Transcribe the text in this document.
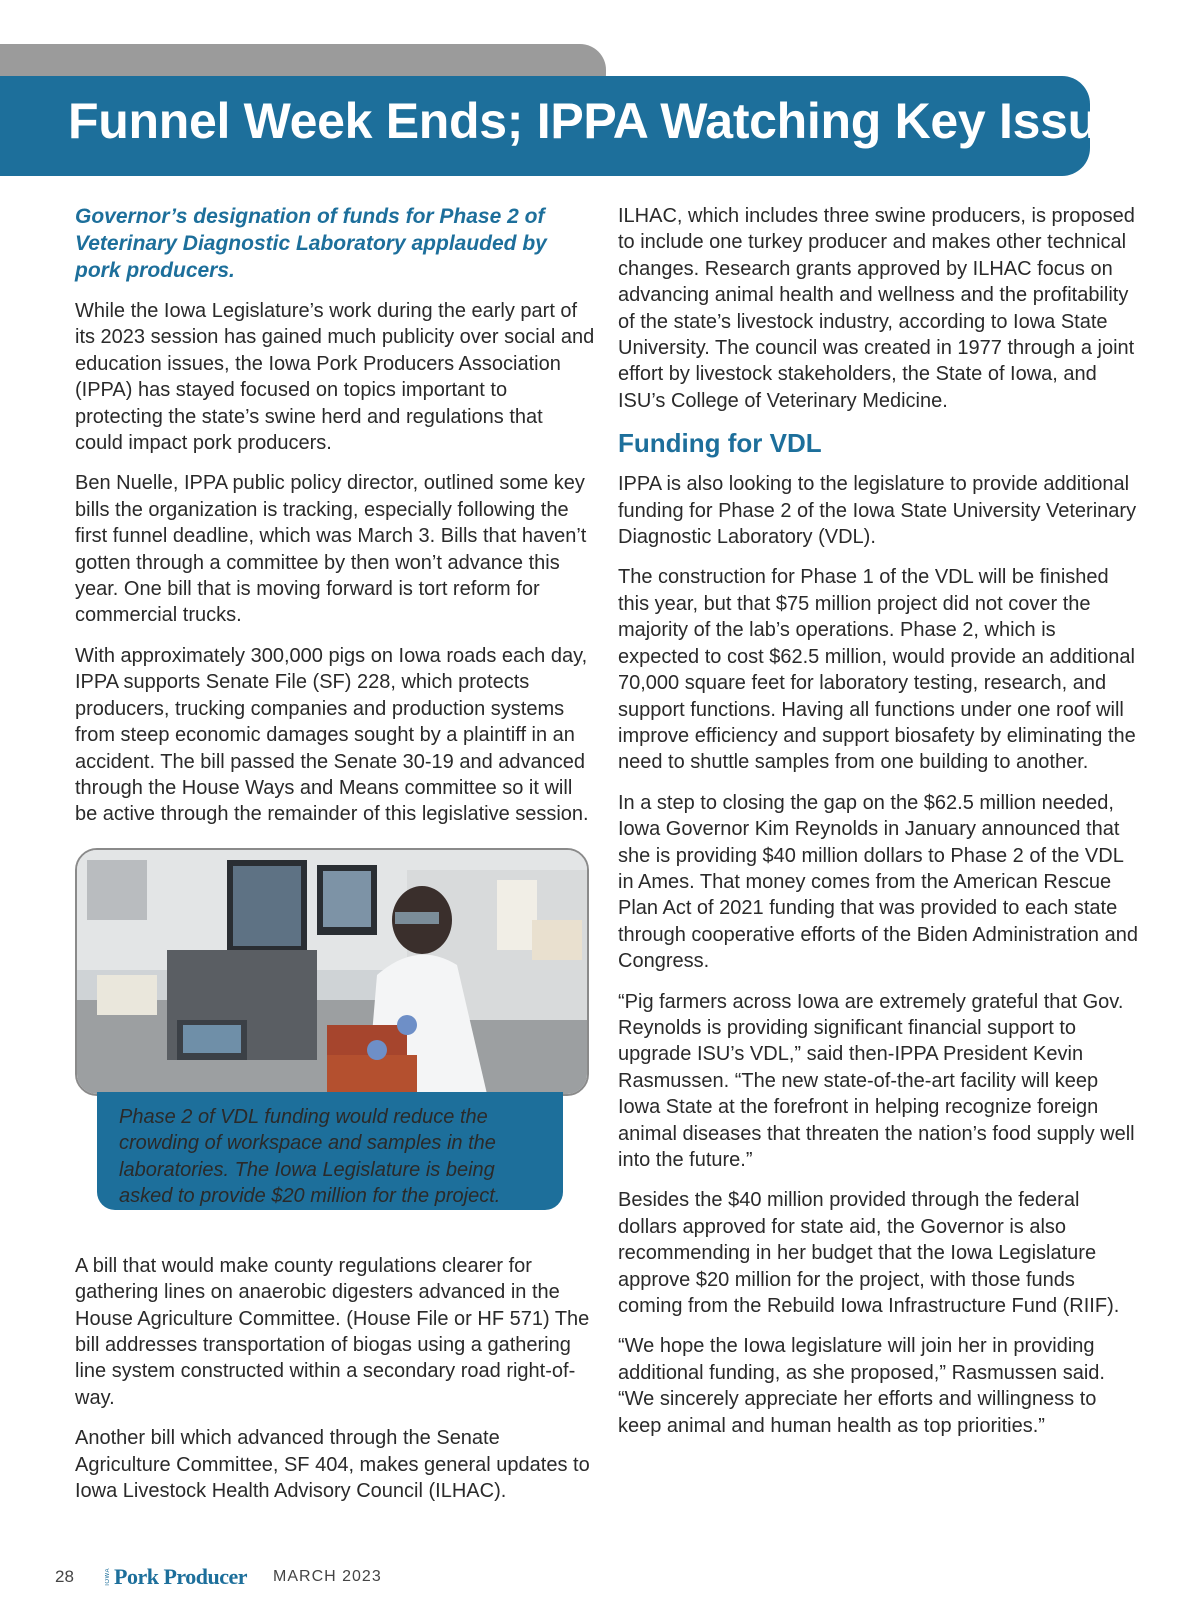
Funnel Week Ends; IPPA Watching Key Issues

Governor’s designation of funds for Phase 2 of Veterinary Diagnostic Laboratory applauded by pork producers.

While the Iowa Legislature’s work during the early part of its 2023 session has gained much publicity over social and education issues, the Iowa Pork Producers Association (IPPA) has stayed focused on topics important to protecting the state’s swine herd and regulations that could impact pork producers.

Ben Nuelle, IPPA public policy director, outlined some key bills the organization is tracking, especially following the first funnel deadline, which was March 3. Bills that haven’t gotten through a committee by then won’t advance this year. One bill that is moving forward is tort reform for commercial trucks.

With approximately 300,000 pigs on Iowa roads each day, IPPA supports Senate File (SF) 228, which protects producers, trucking companies and production systems from steep economic damages sought by a plaintiff in an accident. The bill passed the Senate 30-19 and advanced through the House Ways and Means committee so it will be active through the remainder of this legislative session.

Phase 2 of VDL funding would reduce the crowding of workspace and samples in the laboratories. The Iowa Legislature is being asked to provide $20 million for the project.

A bill that would make county regulations clearer for gathering lines on anaerobic digesters advanced in the House Agriculture Committee. (House File or HF 571) The bill addresses transportation of biogas using a gathering line system constructed within a secondary road right-of-way.

Another bill which advanced through the Senate Agriculture Committee, SF 404, makes general updates to Iowa Livestock Health Advisory Council (ILHAC).

ILHAC, which includes three swine producers, is proposed to include one turkey producer and makes other technical changes. Research grants approved by ILHAC focus on advancing animal health and wellness and the profitability of the state’s livestock industry, according to Iowa State University. The council was created in 1977 through a joint effort by livestock stakeholders, the State of Iowa, and ISU’s College of Veterinary Medicine.

Funding for VDL

IPPA is also looking to the legislature to provide additional funding for Phase 2 of the Iowa State University Veterinary Diagnostic Laboratory (VDL).

The construction for Phase 1 of the VDL will be finished this year, but that $75 million project did not cover the majority of the lab’s operations. Phase 2, which is expected to cost $62.5 million, would provide an additional 70,000 square feet for laboratory testing, research, and support functions. Having all functions under one roof will improve efficiency and support biosafety by eliminating the need to shuttle samples from one building to another.

In a step to closing the gap on the $62.5 million needed, Iowa Governor Kim Reynolds in January announced that she is providing $40 million dollars to Phase 2 of the VDL in Ames. That money comes from the American Rescue Plan Act of 2021 funding that was provided to each state through cooperative efforts of the Biden Administration and Congress.

“Pig farmers across Iowa are extremely grateful that Gov. Reynolds is providing significant financial support to upgrade ISU’s VDL,” said then-IPPA President Kevin Rasmussen. “The new state-of-the-art facility will keep Iowa State at the forefront in helping recognize foreign animal diseases that threaten the nation’s food supply well into the future.”

Besides the $40 million provided through the federal dollars approved for state aid, the Governor is also recommending in her budget that the Iowa Legislature approve $20 million for the project, with those funds coming from the Rebuild Iowa Infrastructure Fund (RIIF).

“We hope the Iowa legislature will join her in providing additional funding, as she proposed,” Rasmussen said. “We sincerely appreciate her efforts and willingness to keep animal and human health as top priorities.”

28	IOWA Pork Producer MARCH 2023
